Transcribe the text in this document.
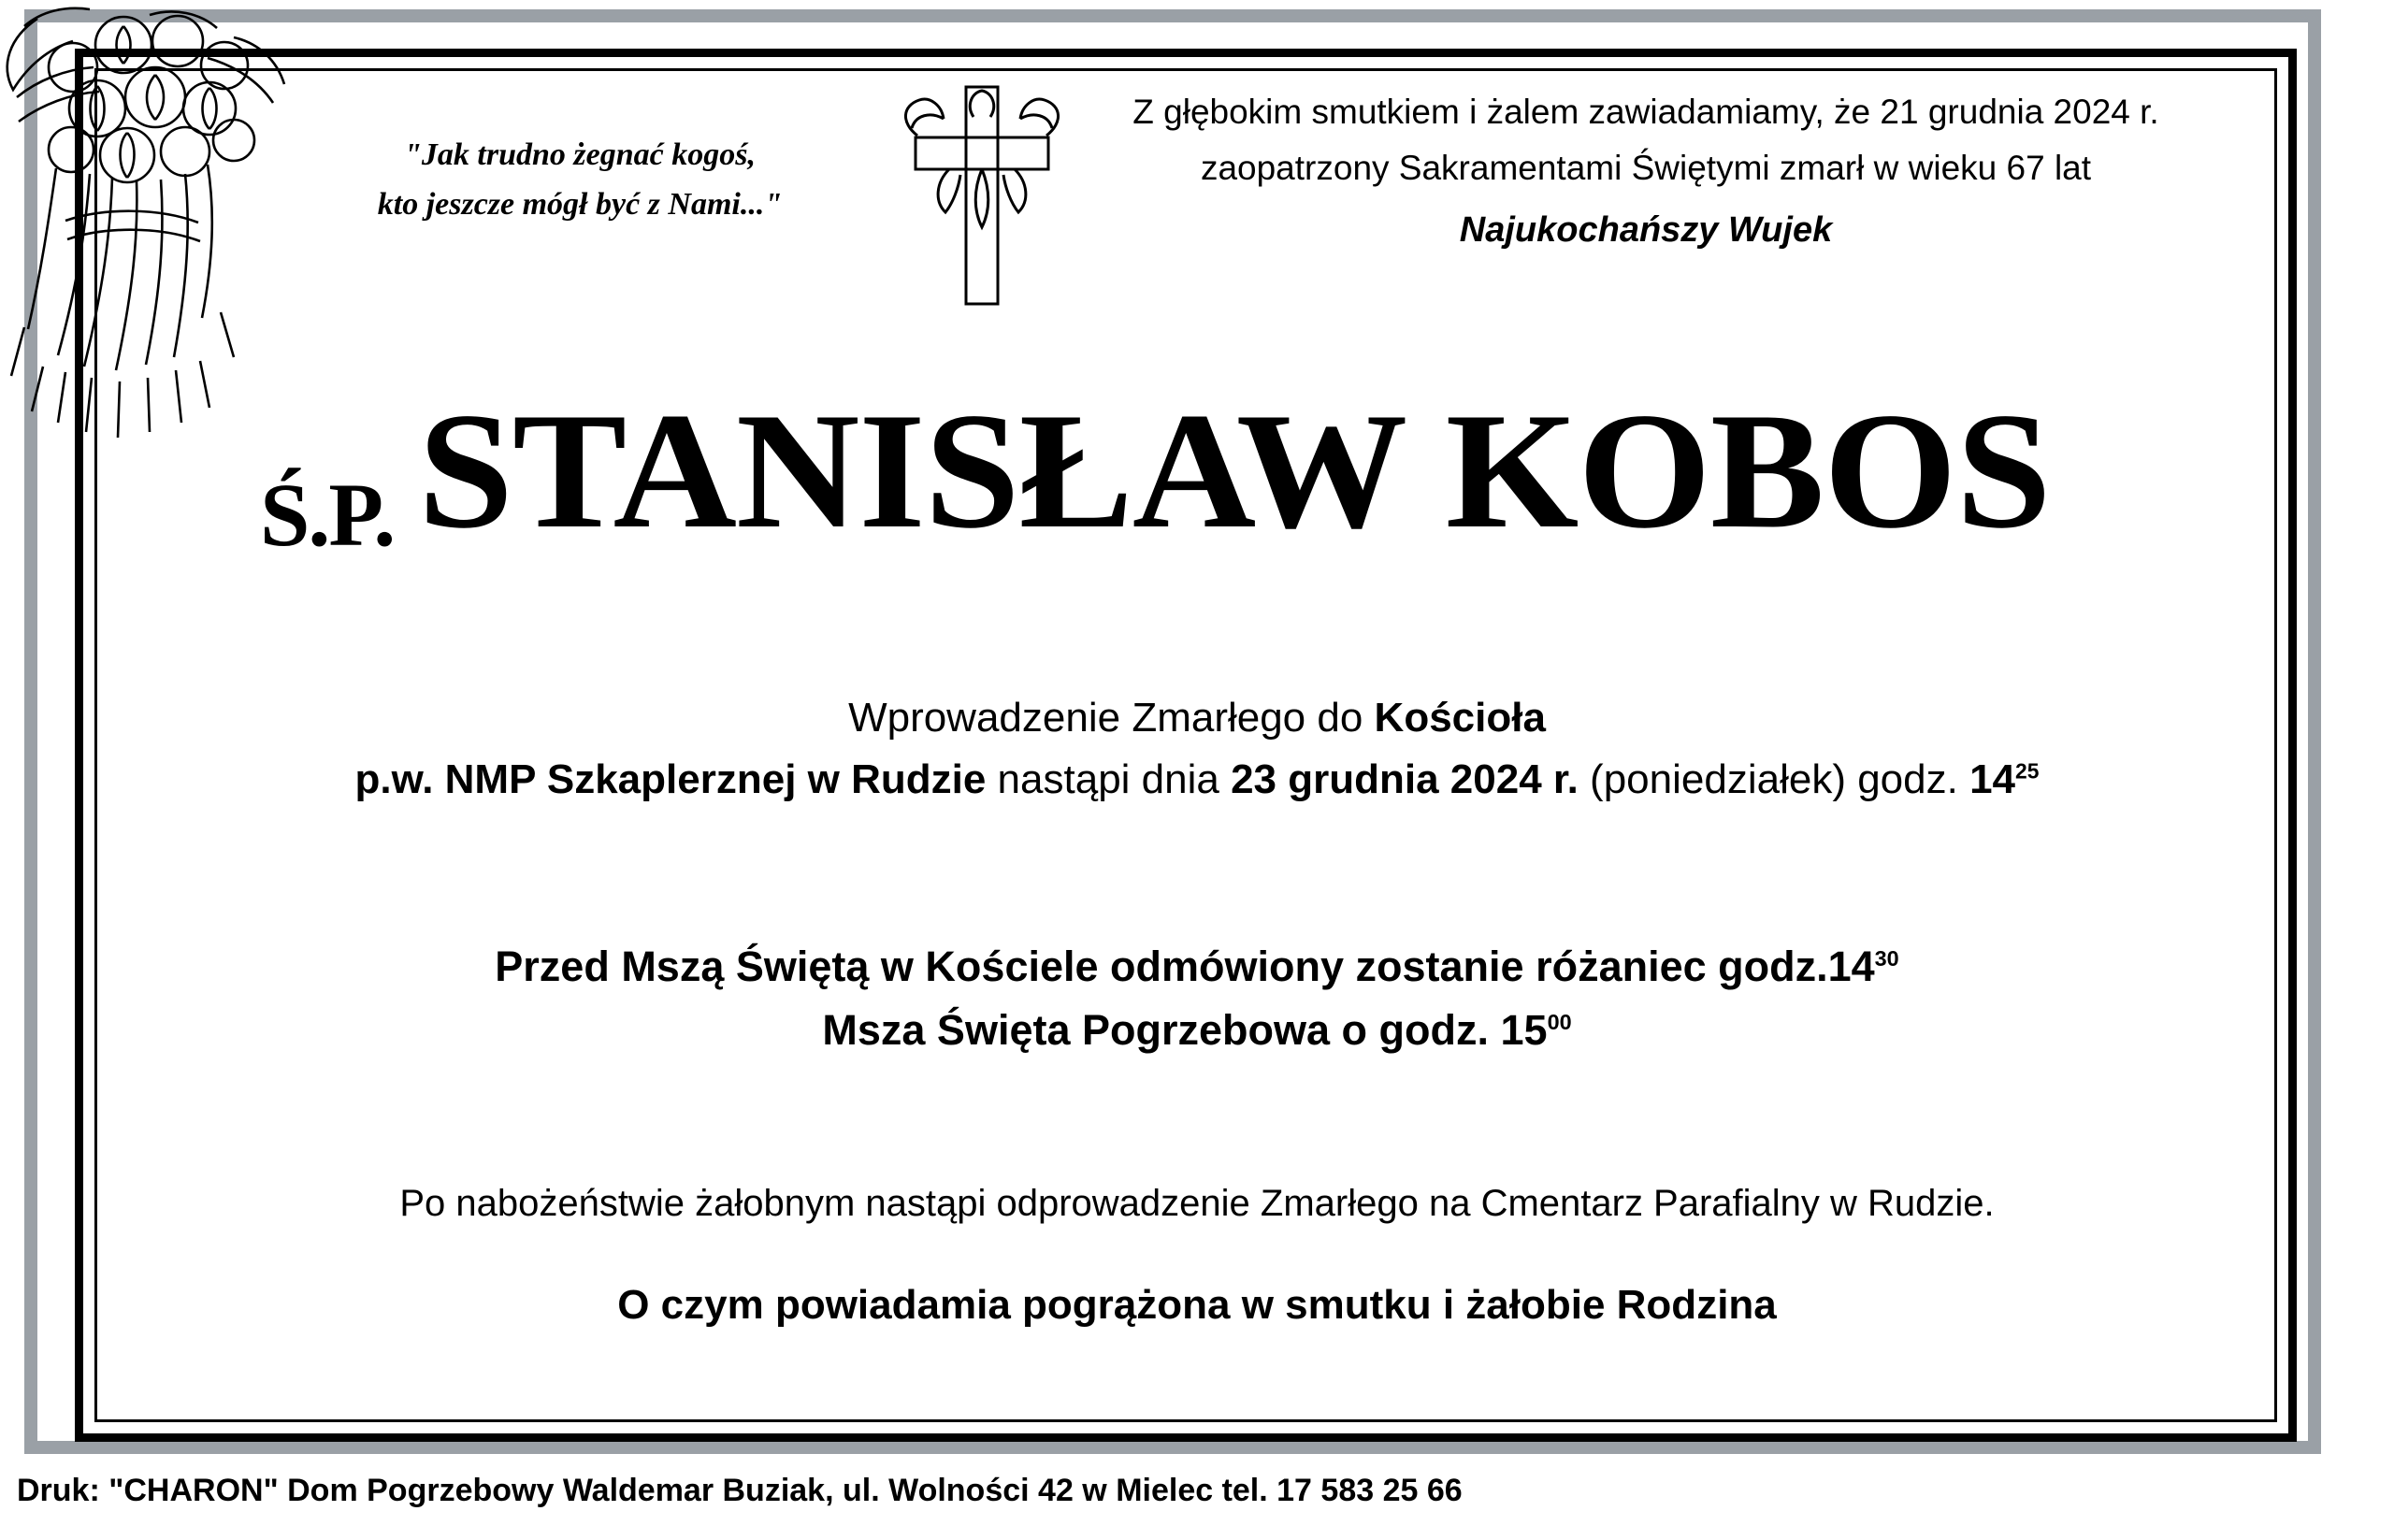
"Jak trudno żegnać kogoś,
kto jeszcze mógł być z Nami..."
Z głębokim smutkiem i żalem zawiadamiamy, że 21 grudnia 2024 r.
zaopatrzony Sakramentami Świętymi zmarł w wieku 67 lat
Najukochańszy Wujek
Ś.P. STANISŁAW KOBOS
Wprowadzenie Zmarłego do Kościoła
p.w. NMP Szkaplerznej w Rudzie nastąpi dnia 23 grudnia 2024 r. (poniedziałek) godz. $14^{25}$
Przed Mszą Świętą w Kościele odmówiony zostanie różaniec $godz.14^{30}$
Msza Święta Pogrzebowa o godz. $15^{00}$
Po nabożeństwie żałobnym nastąpi odprowadzenie Zmarłego na Cmentarz Parafialny w Rudzie.
O czym powiadamia pogrążona w smutku i żałobie Rodzina
Druk: "CHARON" Dom Pogrzebowy Waldemar Buziak, ul. Wolności 42 w Mielec tel. 17 583 25 66
